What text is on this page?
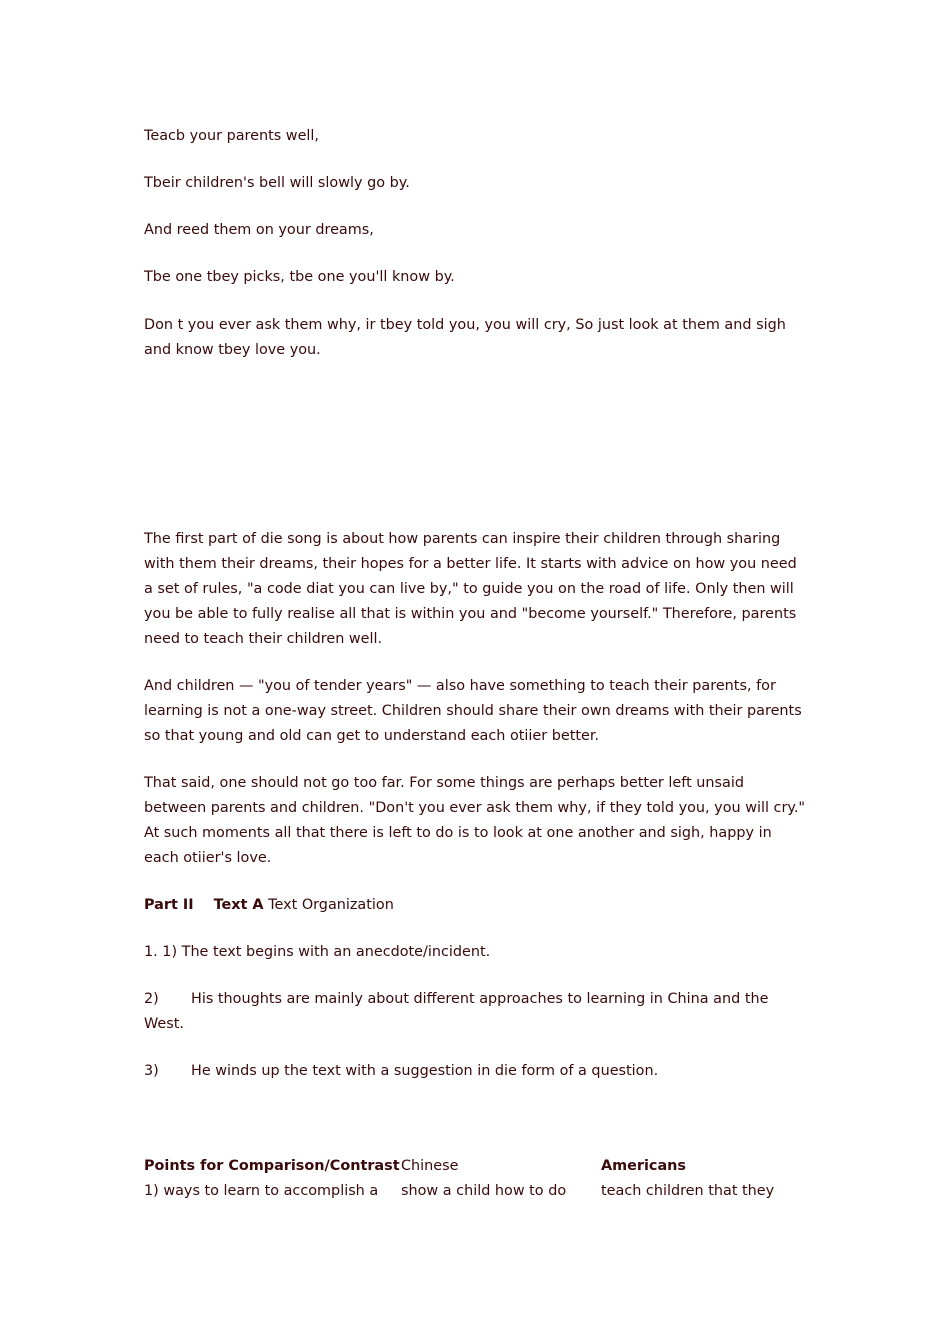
Teacb your parents well,
Tbeir children's bell will slowly go by.
And reed them on your dreams,
Tbe one tbey picks, tbe one you'll know by.
Don t you ever ask them why, ir tbey told you, you will cry, So just look at them and sigh
and know tbey love you.

The first part of die song is about how parents can inspire their children through sharing

with them their dreams, their hopes for a better life. It starts with advice on how you need

a set of rules, "a code diat you can live by," to guide you on the road of life. Only then will

you be able to fully realise all that is within you and "become yourself." Therefore, parents

need to teach their children well.

And children — "you of tender years" — also have something to teach their parents, for

learning is not a one-way street. Children should share their own dreams with their parents

so that young and old can get to understand each otiier better.

That said, one should not go too far. For some things are perhaps better left unsaid

between parents and children. "Don't you ever ask them why, if they told you, you will cry."

At such moments all that there is left to do is to look at one another and sigh, happy in

each otiier's love.

Part II Text A Text Organization
1. 1) The text begins with an anecdote/incident.
2) His thoughts are mainly about different approaches to learning in China and the
West.
3) He winds up the text with a suggestion in die form of a question.
Points for Comparison/Contrast Chinese	Americans
1) ways to learn to accomplish a show a child how to do teach children that they
